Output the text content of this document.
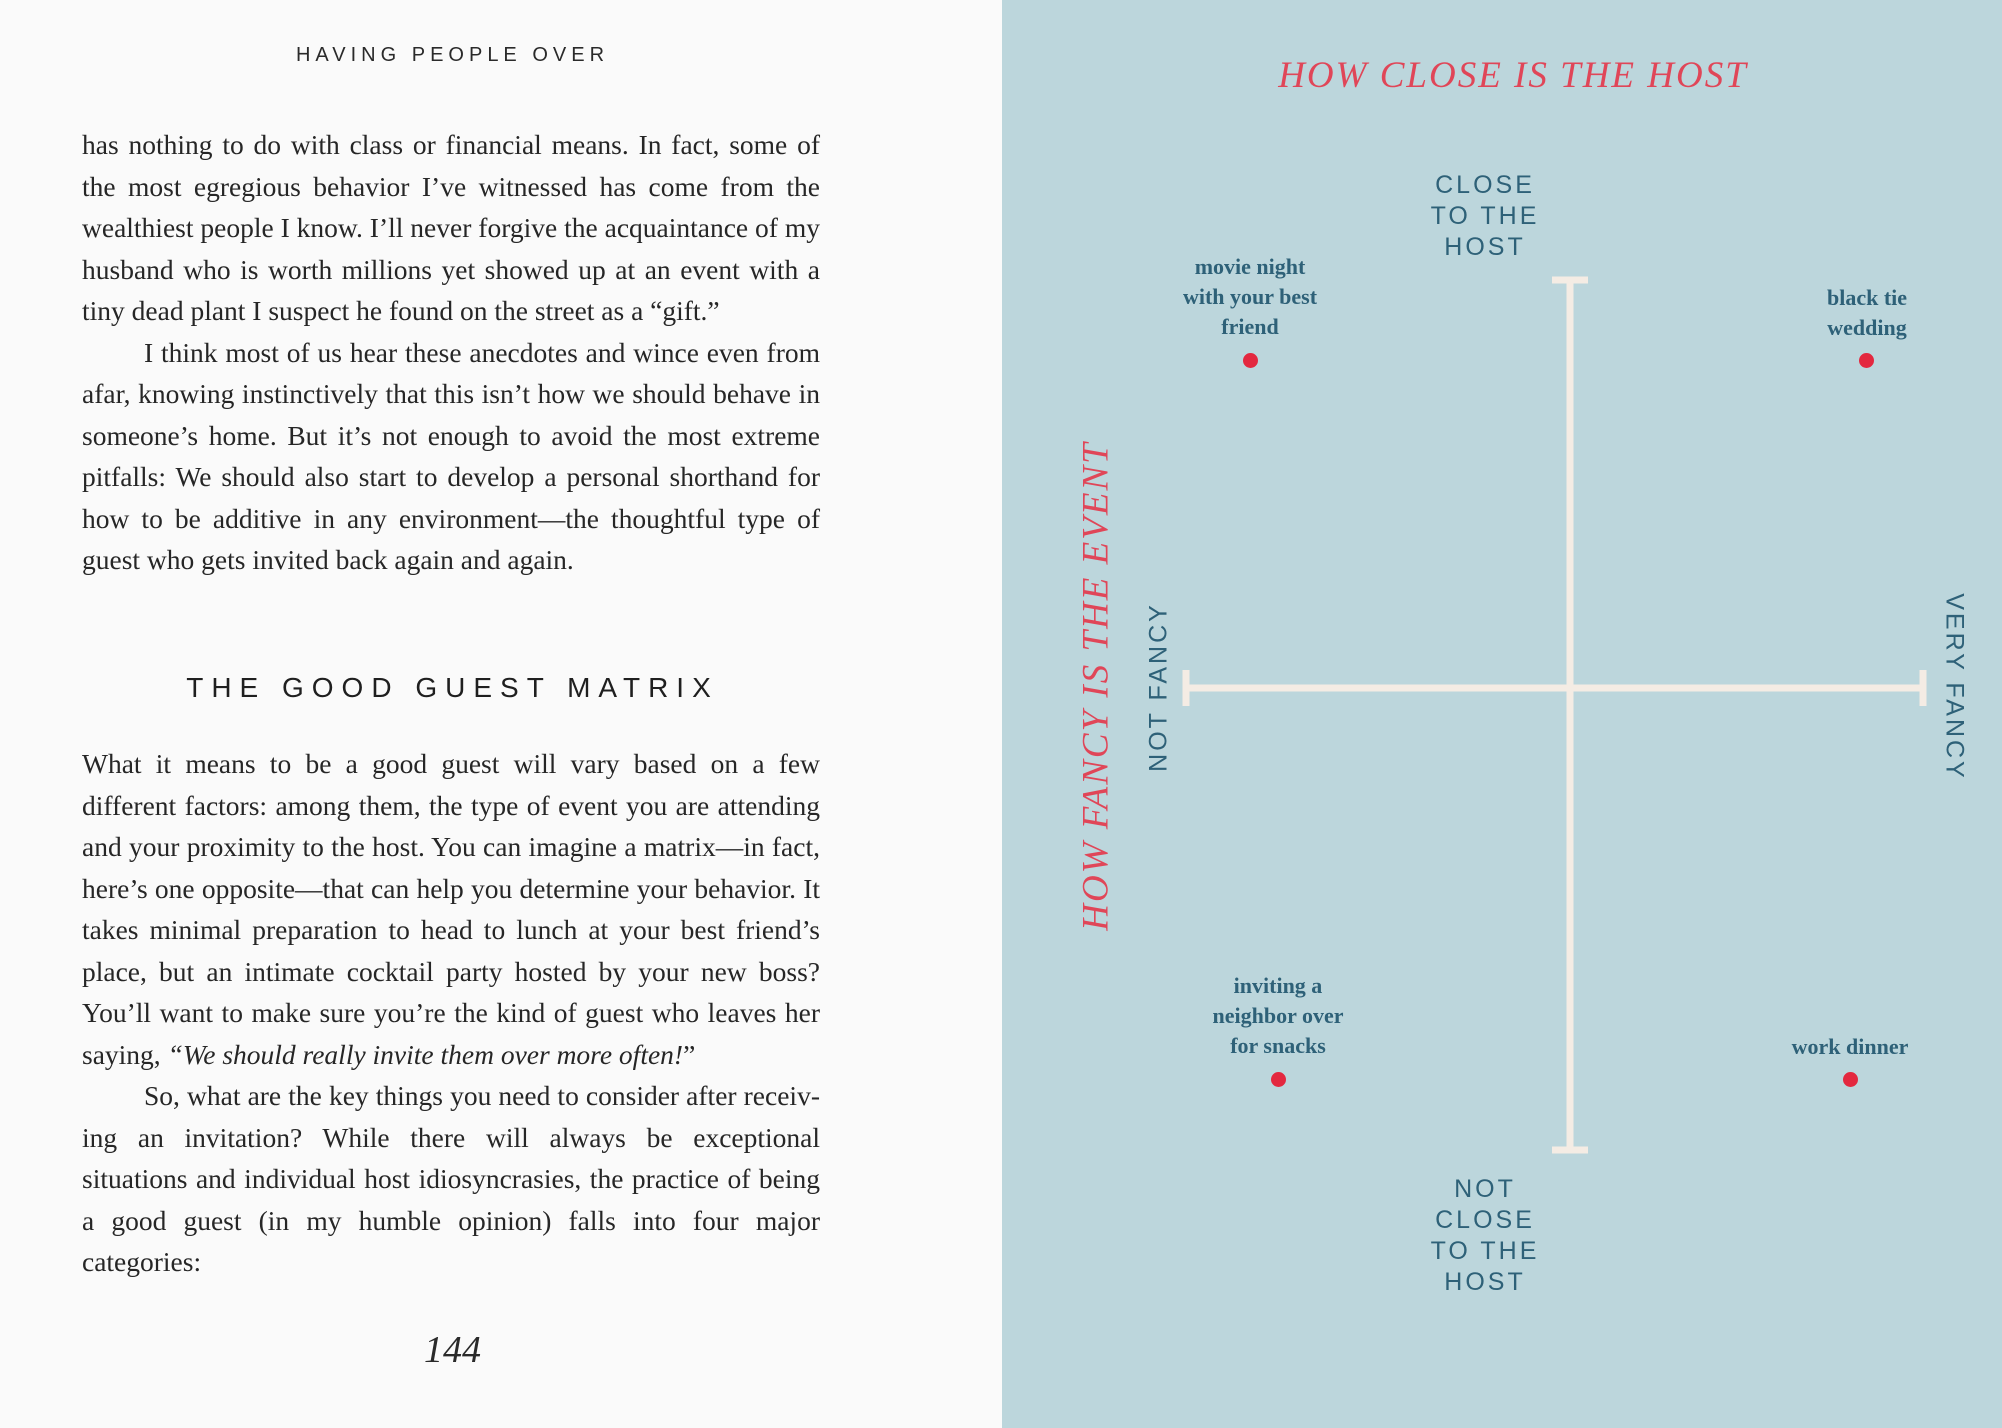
HAVING PEOPLE OVER

has nothing to do with class or financial means. In fact, some of the most egregious behavior I’ve witnessed has come from the wealthiest people I know. I’ll never forgive the acquaintance of my husband who is worth millions yet showed up at an event with a tiny dead plant I suspect he found on the street as a “gift.”

I think most of us hear these anecdotes and wince even from afar, knowing instinctively that this isn’t how we should behave in someone’s home. But it’s not enough to avoid the most extreme pitfalls: We should also start to develop a personal shorthand for how to be additive in any environment—the thoughtful type of guest who gets invited back again and again.

THE GOOD GUEST MATRIX

What it means to be a good guest will vary based on a few different factors: among them, the type of event you are attending and your proximity to the host. You can imagine a matrix—in fact, here’s one opposite—that can help you determine your behavior. It takes minimal preparation to head to lunch at your best friend’s place, but an intimate cocktail party hosted by your new boss? You’ll want to make sure you’re the kind of guest who leaves her saying, “We should really invite them over more often!”

So, what are the key things you need to consider after receiving an invitation? While there will always be exceptional situations and individual host idiosyncrasies, the practice of being a good guest (in my humble opinion) falls into four major categories:

144
HOW CLOSE IS THE HOST
HOW FANCY IS THE EVENT
CLOSE
TO THE
HOST
NOT
CLOSE
TO THE
HOST
NOT FANCY	VERY FANCY
movie night
with your best
friend
black tie
wedding
inviting a
neighbor over
for snacks	work dinner
